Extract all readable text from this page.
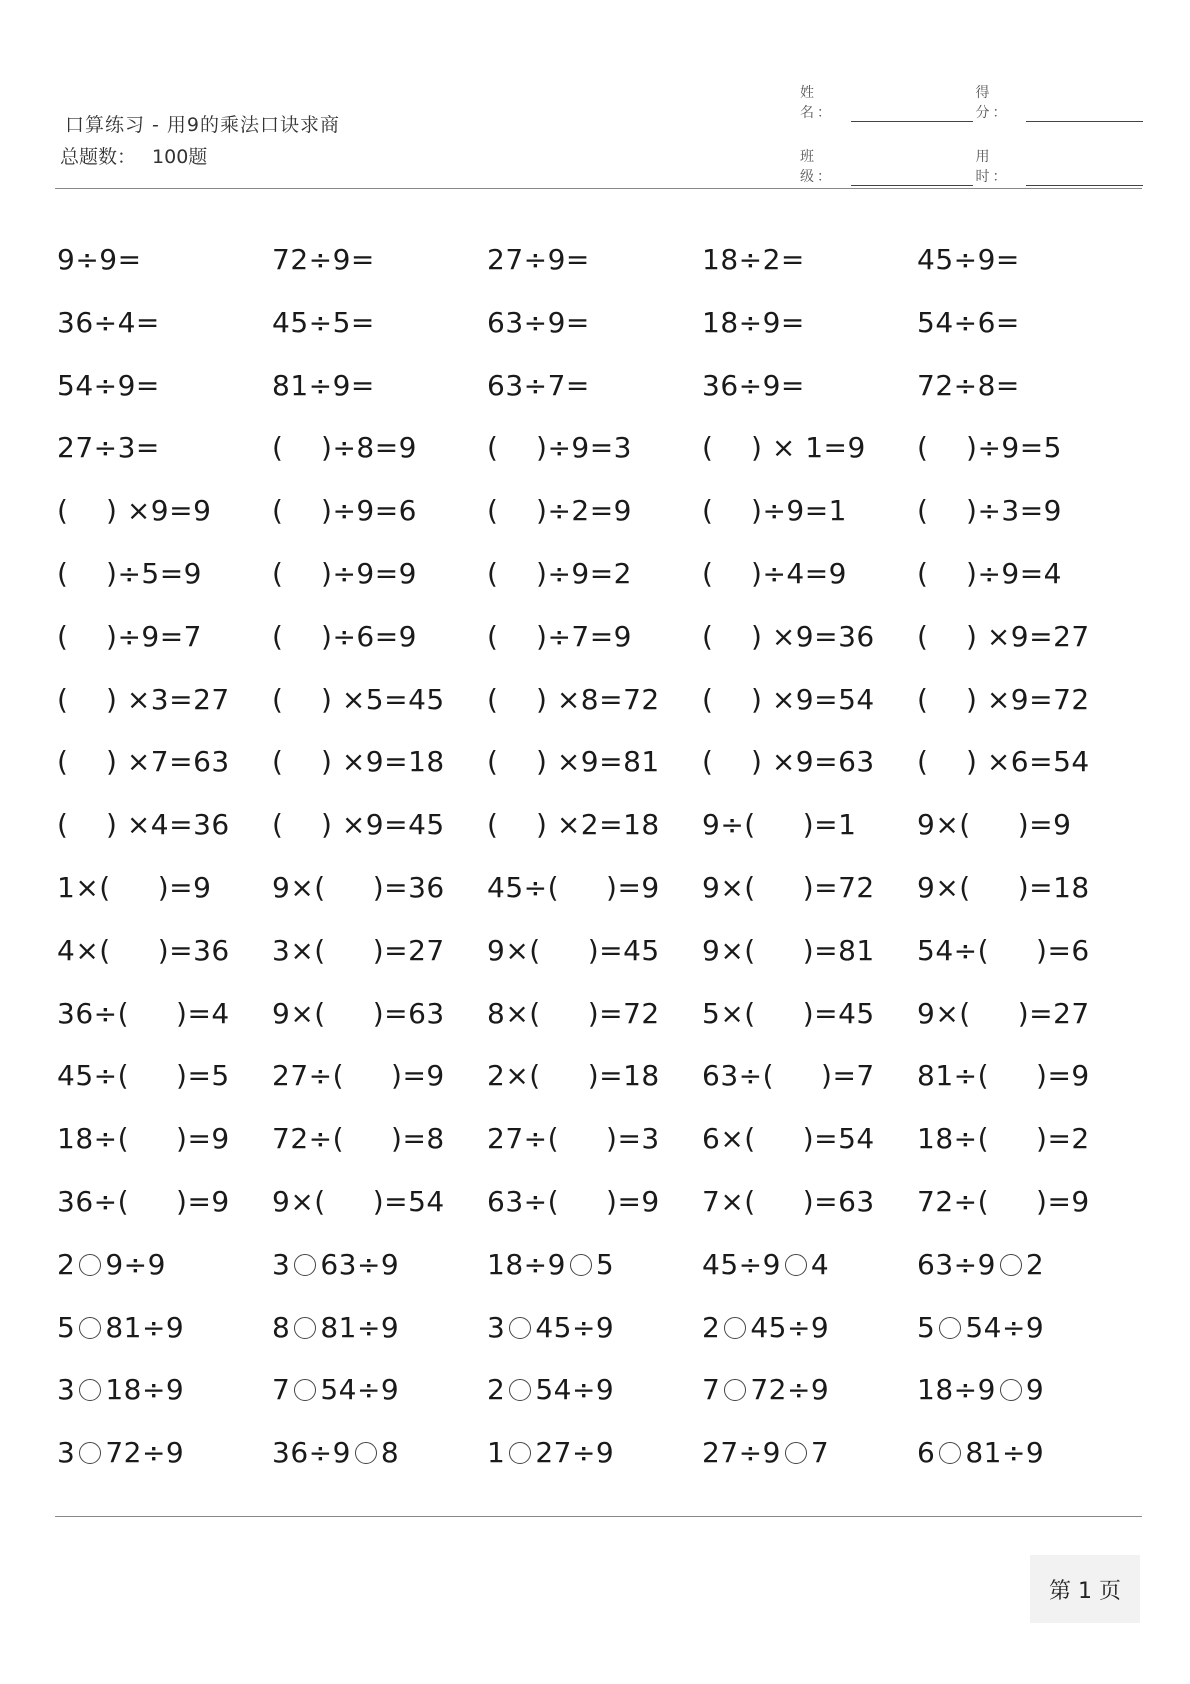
口算练习 - 用9的乘法口诀求商
总题数： 100题
姓名：
得分：
班级：
用时：
9÷9=	72÷9=	27÷9=	18÷2=	45÷9=
36÷4=	45÷5=	63÷9=	18÷9=	54÷6=
54÷9=	81÷9=	63÷7=	36÷9=	72÷8=
27÷3=	(    )÷8=9	(    )÷9=3	(    ) × 1=9 (    )÷9=5
(    ) ×9=9 (    )÷9=6	(    )÷2=9	(    )÷9=1	(    )÷3=9
(    )÷5=9	(    )÷9=9	(    )÷9=2	(    )÷4=9	(    )÷9=4
(    )÷9=7	(    )÷6=9	(    )÷7=9	(    ) ×9=36 (    ) ×9=27
(    ) ×3=27 (    ) ×5=45 (    ) ×8=72 (    ) ×9=54 (    ) ×9=72
(    ) ×7=63 (    ) ×9=18 (    ) ×9=81 (    ) ×9=63 (    ) ×6=54
(    ) ×4=36 (    ) ×9=45 (    ) ×2=18 9÷(     )=1 9×(     )=9
1×(     )=9 9×(     )=36 45÷(     )=9 9×(     )=72 9×(     )=18
4×(     )=36 3×(     )=27 9×(     )=45 9×(     )=81 54÷(     )=6
36÷(     )=4 9×(     )=63 8×(     )=72 5×(     )=45 9×(     )=27
45÷(     )=5 27÷(     )=9 2×(     )=18 63÷(     )=7 81÷(     )=9
18÷(     )=9 72÷(     )=8 27÷(     )=3 6×(     )=54 18÷(     )=2
36÷(     )=9 9×(     )=54 63÷(     )=9 7×(     )=63 72÷(     )=9
2 9÷9	3 63÷9	18÷9 5	45÷9 4	63÷9 2
5 81÷9	8 81÷9	3 45÷9	2 45÷9	5 54÷9
3 18÷9	7 54÷9	2 54÷9	7 72÷9	18÷9 9
3 72÷9	36÷9 8	1 27÷9	27÷9 7	6 81÷9
第 1 页
